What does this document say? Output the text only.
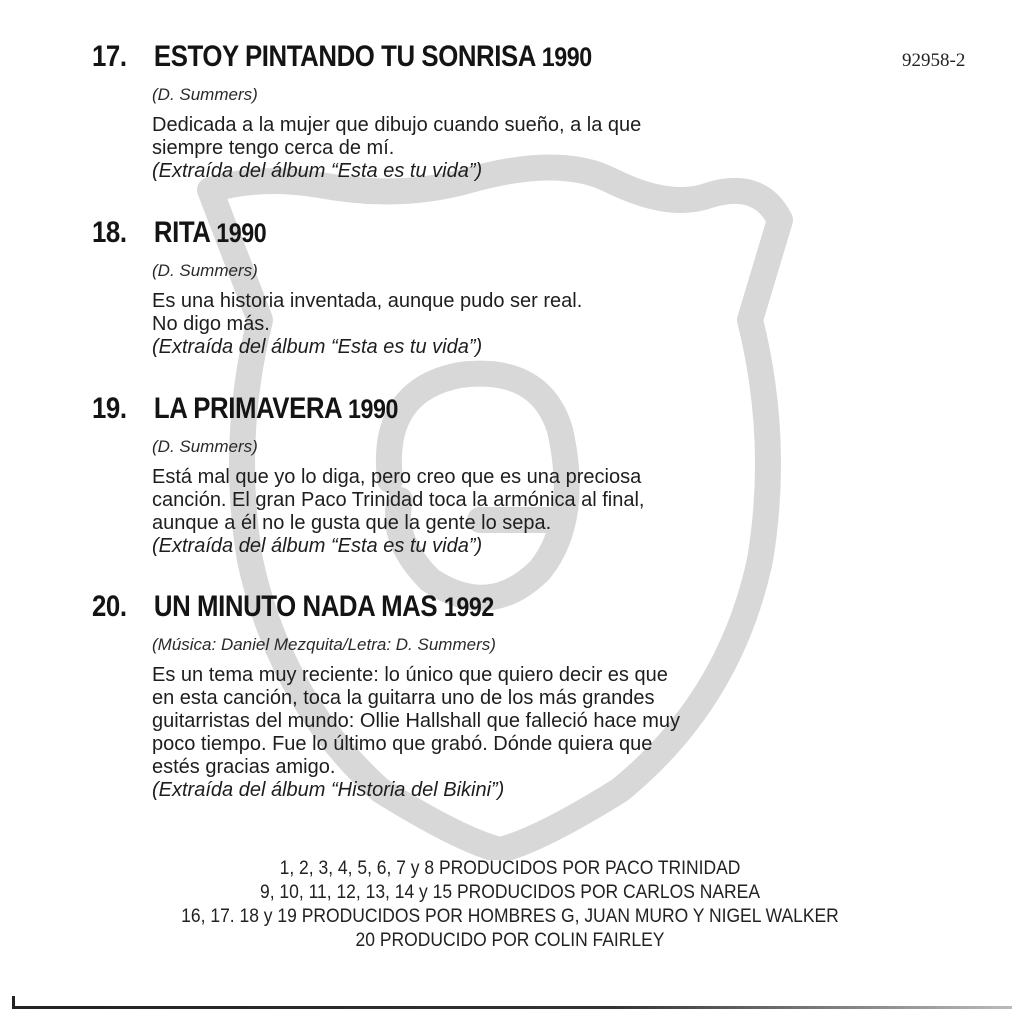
92958-2
17. ESTOY PINTANDO TU SONRISA 1990
(D. Summers)
Dedicada a la mujer que dibujo cuando sueño, a la que
siempre tengo cerca de mí.
(Extraída del álbum “Esta es tu vida”)
18. RITA 1990
(D. Summers)
Es una historia inventada, aunque pudo ser real.
No digo más.
(Extraída del álbum “Esta es tu vida”)
19. LA PRIMAVERA 1990
(D. Summers)
Está mal que yo lo diga, pero creo que es una preciosa
canción. El gran Paco Trinidad toca la armónica al final,
aunque a él no le gusta que la gente lo sepa.
(Extraída del álbum “Esta es tu vida”)
20. UN MINUTO NADA MAS 1992
(Música: Daniel Mezquita/Letra: D. Summers)
Es un tema muy reciente: lo único que quiero decir es que
en esta canción, toca la guitarra uno de los más grandes
guitarristas del mundo: Ollie Hallshall que falleció hace muy
poco tiempo. Fue lo último que grabó. Dónde quiera que
estés gracias amigo.
(Extraída del álbum “Historia del Bikini”)
1, 2, 3, 4, 5, 6, 7 y 8 PRODUCIDOS POR PACO TRINIDAD
9, 10, 11, 12, 13, 14 y 15 PRODUCIDOS POR CARLOS NAREA
16, 17. 18 y 19 PRODUCIDOS POR HOMBRES G, JUAN MURO Y NIGEL WALKER
20 PRODUCIDO POR COLIN FAIRLEY
